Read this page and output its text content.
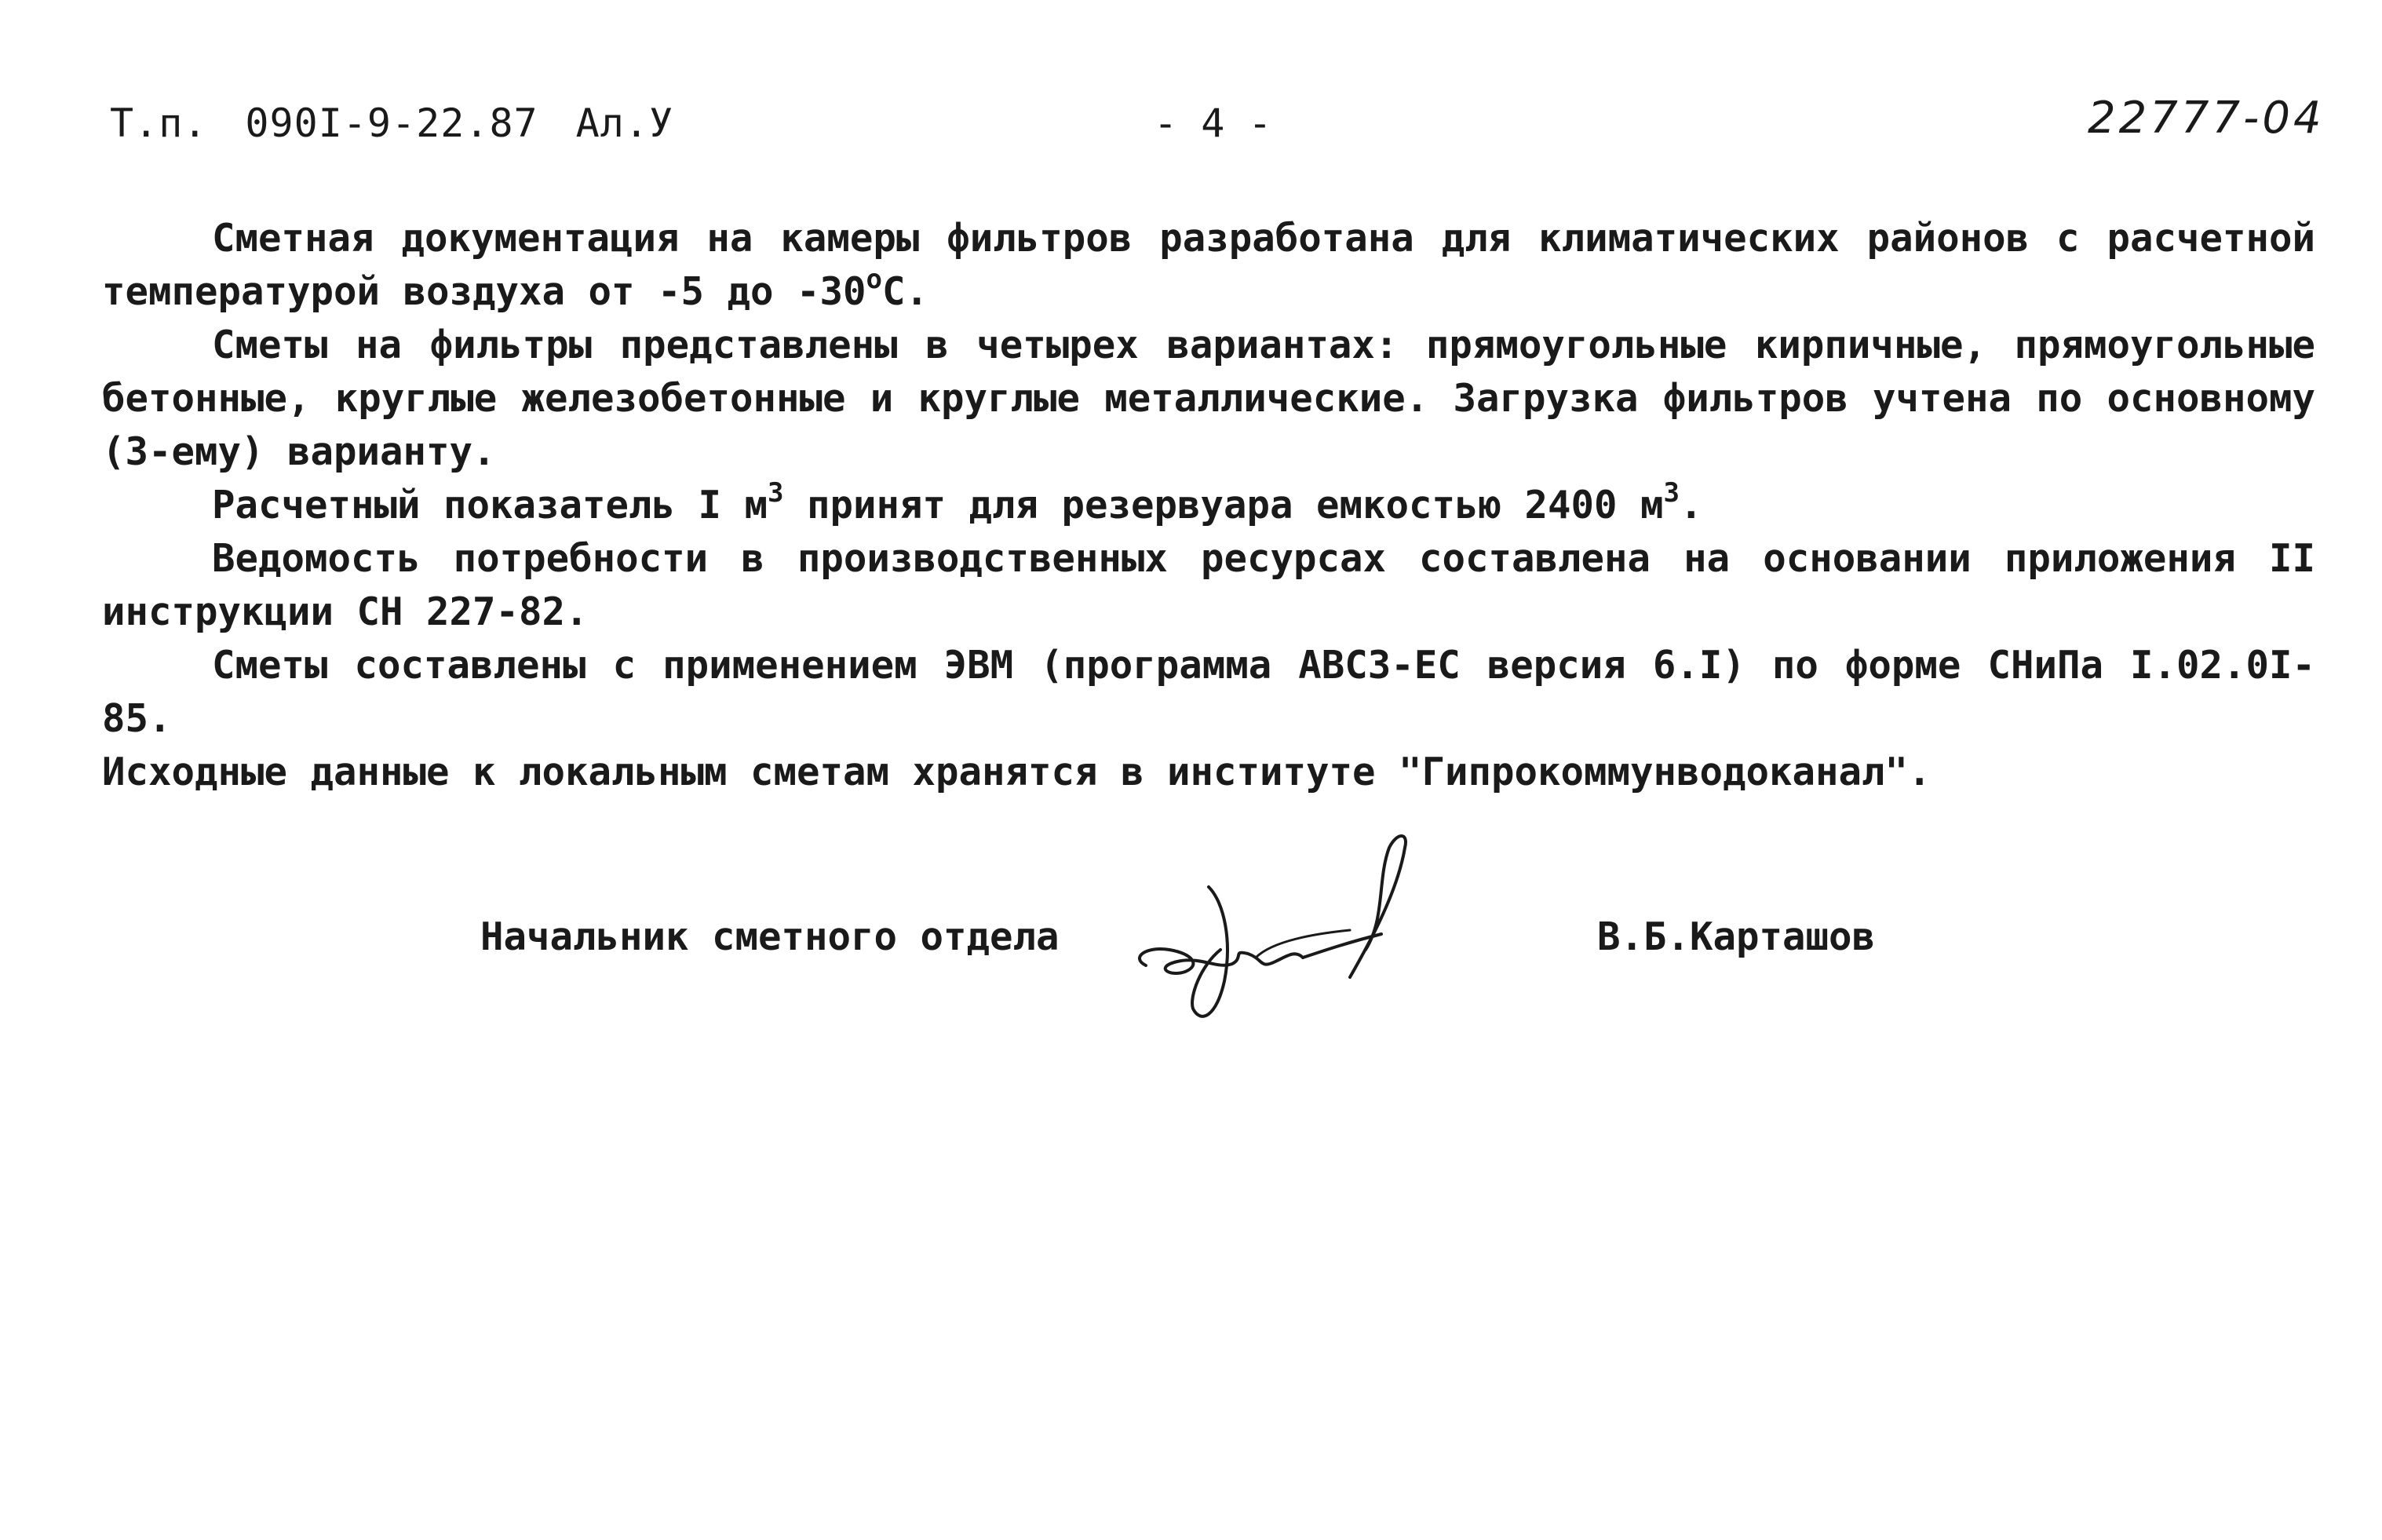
Т.п. 090I-9-22.87 Ал.У	- 4 -	22777-04

Сметная документация на камеры фильтров разработана для климатических районов с расчетной температурой воздуха от -5 до -30$^o$C.

Сметы на фильтры представлены в четырех вариантах: прямоугольные кирпичные, прямоугольные бетонные, круглые железобетонные и круглые металлические. Загрузка фильтров учтена по основному (3-ему) варианту.

Расчетный показатель I $м^3$ принят для резервуара емкостью 2400 $м^3$.

Ведомость потребности в производственных ресурсах составлена на основании приложения II инструкции СН 227-82.

Сметы составлены с применением ЭВМ (программа АВСЗ-ЕС версия 6.I) по форме СНиПа I.02.0I-85.

Исходные данные к локальным сметам хранятся в институте "Гипрокоммунводоканал".

Начальник сметного отдела	В.Б.Карташов
